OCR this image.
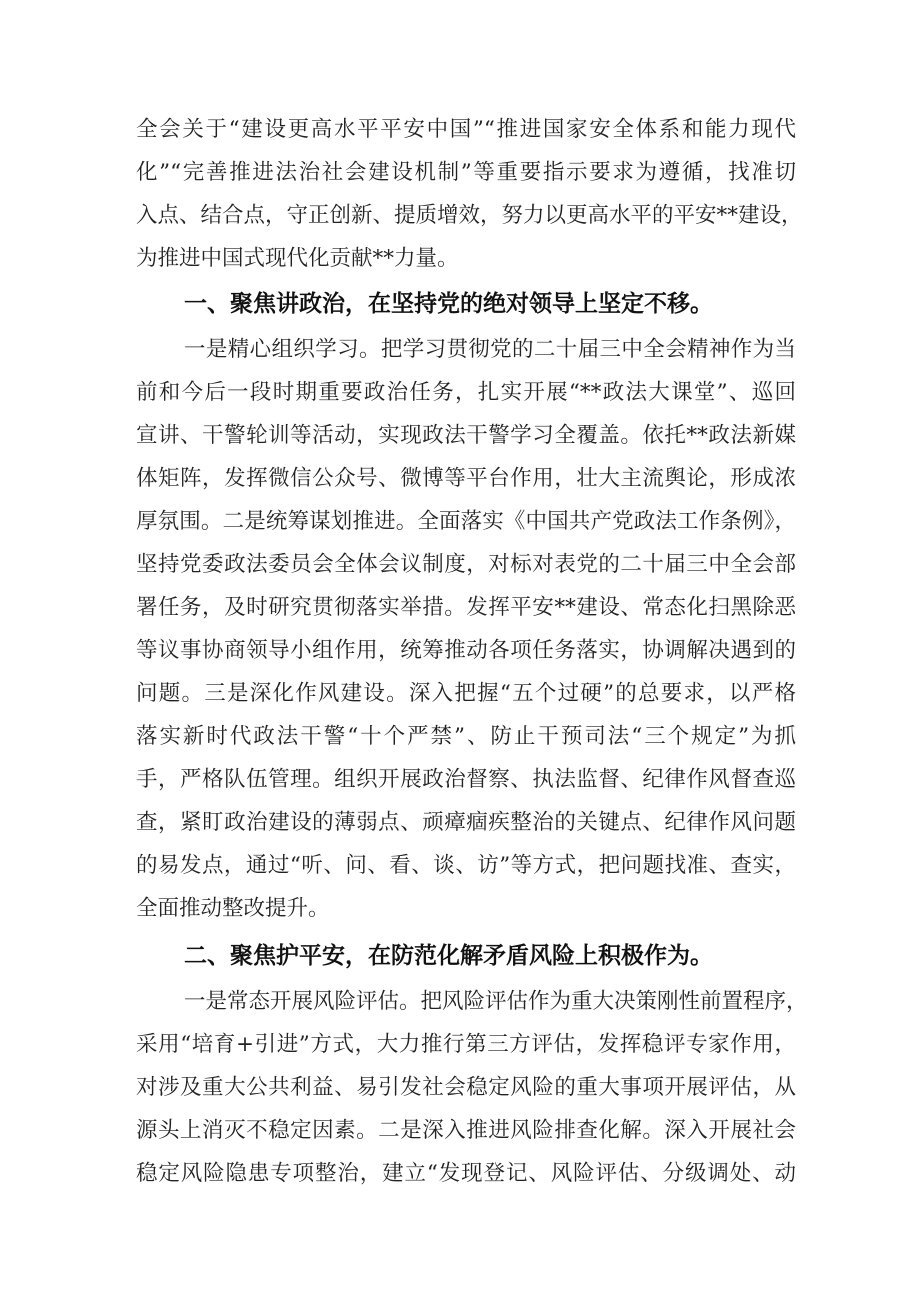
全会关于“建设更高水平平安中国”“推进国家安全体系和能力现代
化”“完善推进法治社会建设机制”等重要指示要求为遵循，找准切
入点、结合点，守正创新、提质增效，努力以更高水平的平安**建设，
为推进中国式现代化贡献**力量。
一、聚焦讲政治，在坚持党的绝对领导上坚定不移。
一是精心组织学习。把学习贯彻党的二十届三中全会精神作为当
前和今后一段时期重要政治任务，扎实开展“**政法大课堂”、巡回
宣讲、干警轮训等活动，实现政法干警学习全覆盖。依托**政法新媒
体矩阵，发挥微信公众号、微博等平台作用，壮大主流舆论，形成浓
厚氛围。二是统筹谋划推进。全面落实《中国共产党政法工作条例》，
坚持党委政法委员会全体会议制度，对标对表党的二十届三中全会部
署任务，及时研究贯彻落实举措。发挥平安**建设、常态化扫黑除恶
等议事协商领导小组作用，统筹推动各项任务落实，协调解决遇到的
问题。三是深化作风建设。深入把握“五个过硬”的总要求，以严格
落实新时代政法干警“十个严禁”、防止干预司法“三个规定”为抓
手，严格队伍管理。组织开展政治督察、执法监督、纪律作风督查巡
查，紧盯政治建设的薄弱点、顽瘴痼疾整治的关键点、纪律作风问题
的易发点，通过“听、问、看、谈、访”等方式，把问题找准、查实，
全面推动整改提升。
二、聚焦护平安，在防范化解矛盾风险上积极作为。
一是常态开展风险评估。把风险评估作为重大决策刚性前置程序，
采用“培育+引进”方式，大力推行第三方评估，发挥稳评专家作用，
对涉及重大公共利益、易引发社会稳定风险的重大事项开展评估，从
源头上消灭不稳定因素。二是深入推进风险排查化解。深入开展社会
稳定风险隐患专项整治，建立“发现登记、风险评估、分级调处、动
